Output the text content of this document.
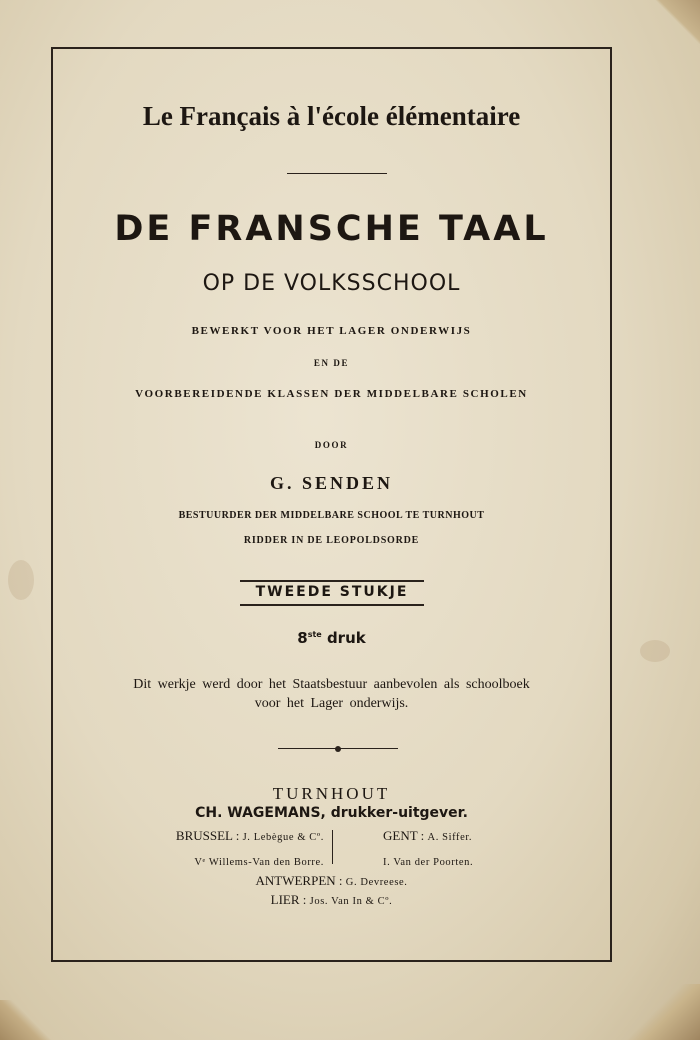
Le Français à l'école élémentaire
DE FRANSCHE TAAL
OP DE VOLKSSCHOOL
BEWERKT VOOR HET LAGER ONDERWIJS
EN DE
VOORBEREIDENDE KLASSEN DER MIDDELBARE SCHOLEN
DOOR
G. SENDEN
BESTUURDER DER MIDDELBARE SCHOOL TE TURNHOUT
RIDDER IN DE LEOPOLDSORDE
TWEEDE STUKJE
8ste druk
Dit werkje werd door het Staatsbestuur aanbevolen als schoolboek
voor het Lager onderwijs.
TURNHOUT
CH. WAGEMANS, drukker-uitgever.
BRUSSEL : J. Lebègue & Cº.
Vᵉ Willems-Van den Borre.
GENT : A. Siffer.
I. Van der Poorten.
ANTWERPEN : G. Devreese.
LIER : Jos. Van In & Cº.
